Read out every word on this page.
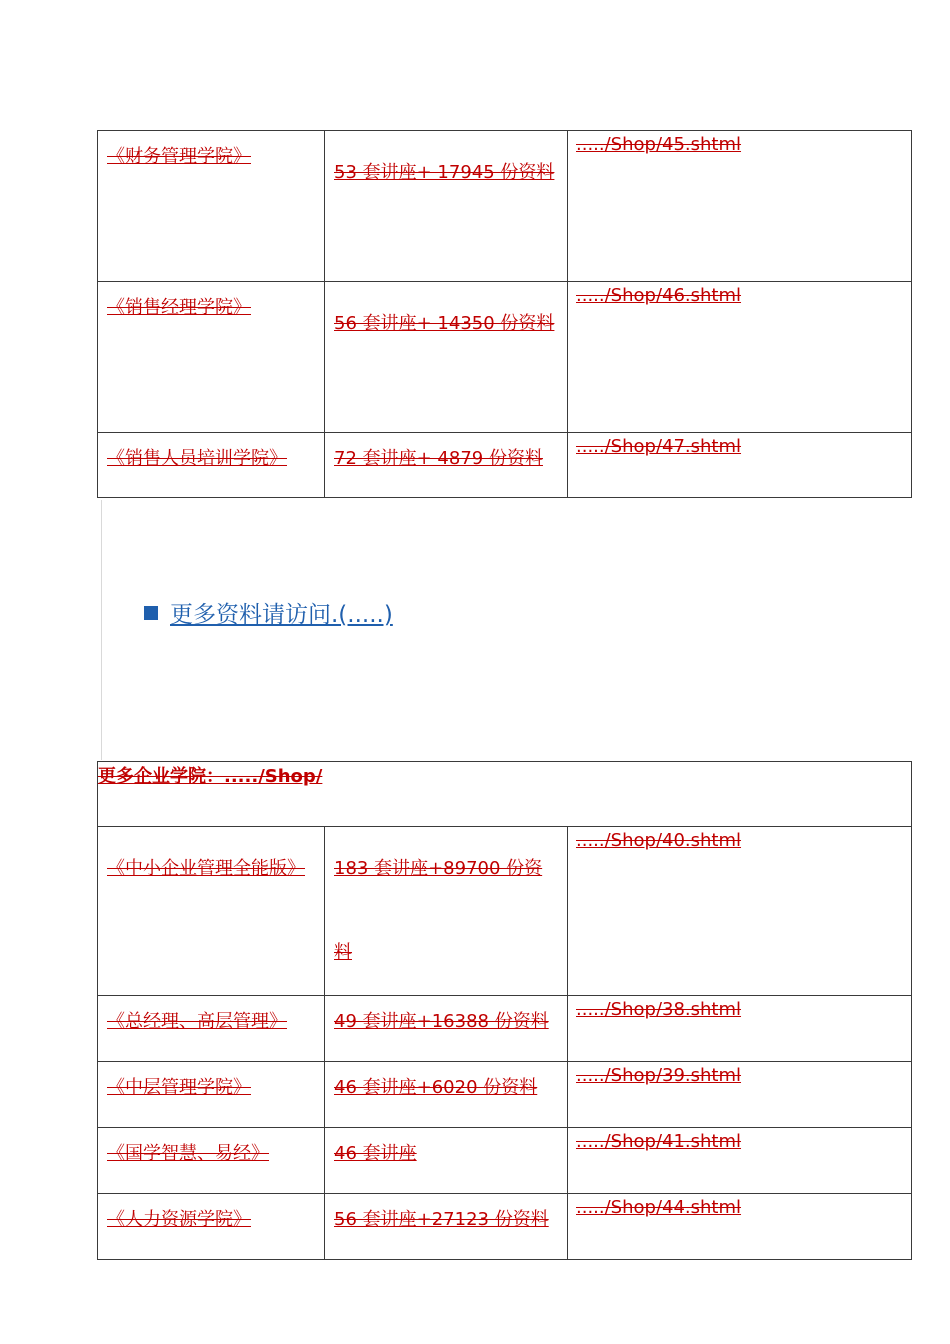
《财务管理学院》	53 套讲座+ 17945 份资料	...../Shop/45.shtml

《销售经理学院》	56 套讲座+ 14350 份资料	...../Shop/46.shtml

《销售人员培训学院》	72 套讲座+ 4879 份资料	...../Shop/47.shtml
更多资料请访问.(.....)
更多企业学院：...../Shop/		

《中小企业管理全能版》	183 套讲座+89700 份资料	...../Shop/40.shtml

《总经理、高层管理》	49 套讲座+16388 份资料	...../Shop/38.shtml

《中层管理学院》	46 套讲座+6020 份资料	...../Shop/39.shtml

《国学智慧、易经》	46 套讲座	...../Shop/41.shtml

《人力资源学院》	56 套讲座+27123 份资料	...../Shop/44.shtml
